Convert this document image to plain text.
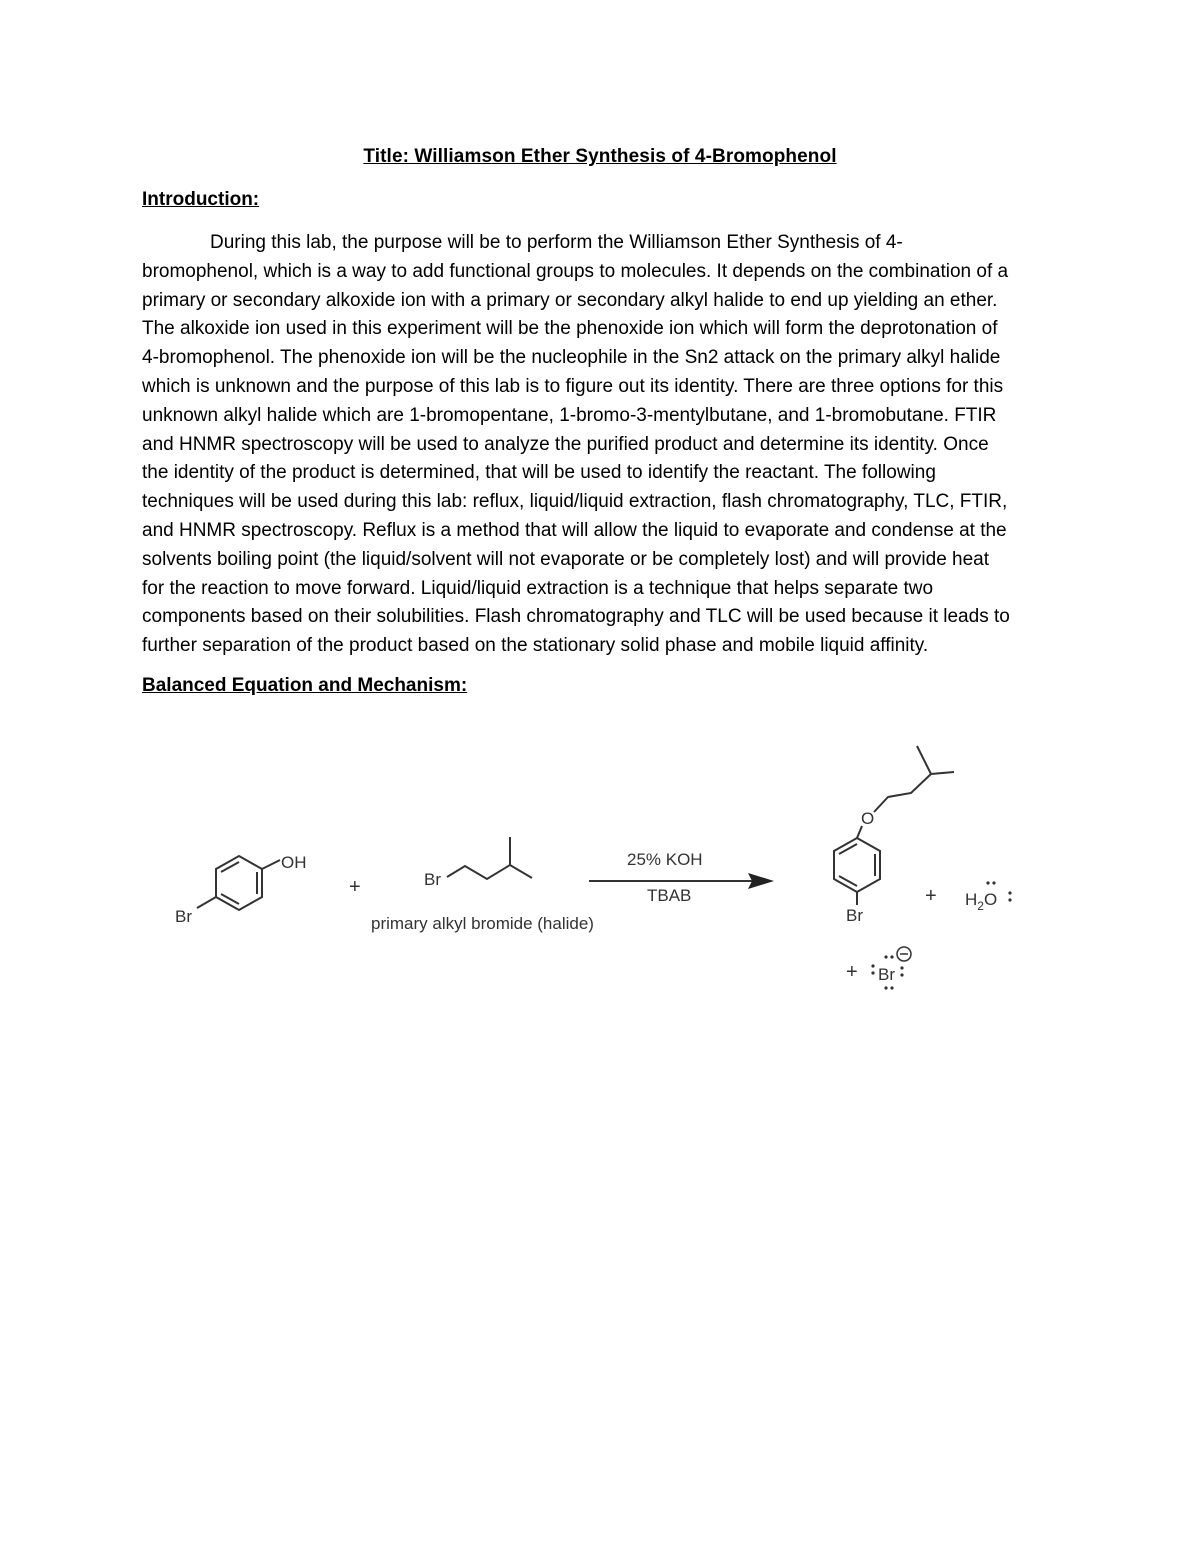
Title: Williamson Ether Synthesis of 4-Bromophenol
Introduction:
During this lab, the purpose will be to perform the Williamson Ether Synthesis of 4-
bromophenol, which is a way to add functional groups to molecules. It depends on the combination of a
primary or secondary alkoxide ion with a primary or secondary alkyl halide to end up yielding an ether.
The alkoxide ion used in this experiment will be the phenoxide ion which will form the deprotonation of
4-bromophenol. The phenoxide ion will be the nucleophile in the Sn2 attack on the primary alkyl halide
which is unknown and the purpose of this lab is to figure out its identity. There are three options for this
unknown alkyl halide which are 1-bromopentane, 1-bromo-3-mentylbutane, and 1-bromobutane. FTIR
and HNMR spectroscopy will be used to analyze the purified product and determine its identity. Once
the identity of the product is determined, that will be used to identify the reactant. The following
techniques will be used during this lab: reflux, liquid/liquid extraction, flash chromatography, TLC, FTIR,
and HNMR spectroscopy. Reflux is a method that will allow the liquid to evaporate and condense at the
solvents boiling point (the liquid/solvent will not evaporate or be completely lost) and will provide heat
for the reaction to move forward. Liquid/liquid extraction is a technique that helps separate two
components based on their solubilities. Flash chromatography and TLC will be used because it leads to
further separation of the product based on the stationary solid phase and mobile liquid affinity.
Balanced Equation and Mechanism:
OH
Br
+	Br
primary alkyl bromide (halide)
25% KOH
TBAB
O
Br
+ $H_2O$
+ Br
